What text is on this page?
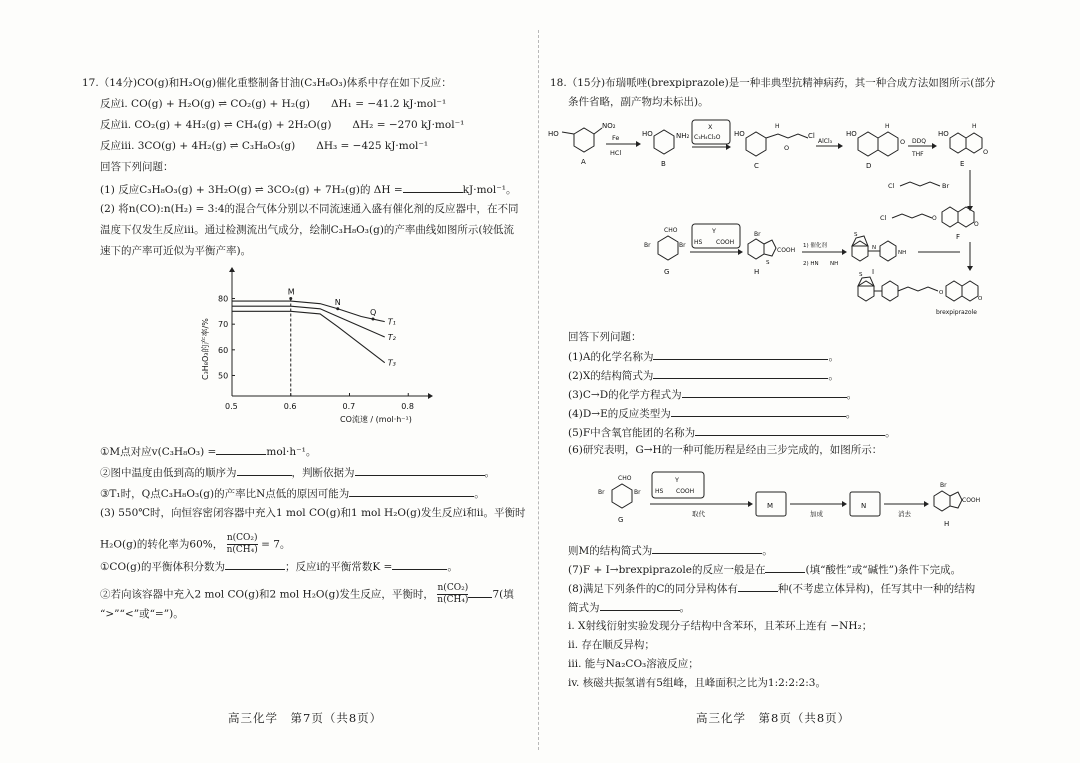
17.（14分)CO(g)和H₂O(g)催化重整制备甘油(C₃H₈O₃)体系中存在如下反应：
反应i. CO(g) + H₂O(g) ⇌ CO₂(g) + H₂(g)　　ΔH₁ = −41.2 kJ·mol⁻¹
反应ii. CO₂(g) + 4H₂(g) ⇌ CH₄(g) + 2H₂O(g)　　ΔH₂ = −270 kJ·mol⁻¹
反应iii. 3CO(g) + 4H₂(g) ⇌ C₃H₈O₃(g)　　ΔH₃ = −425 kJ·mol⁻¹
回答下列问题：
(1) 反应C₃H₈O₃(g) + 3H₂O(g) ⇌ 3CO₂(g) + 7H₂(g)的 ΔH =	kJ·mol⁻¹。
(2) 将n(CO):n(H₂) = 3:4的混合气体分别以不同流速通入盛有催化剂的反应器中，在不同
温度下仅发生反应iii。通过检测流出气成分，绘制C₃H₈O₃(g)的产率曲线如图所示(较低流
速下的产率可近似为平衡产率)。
0.5	0.6	0.7	0.8
50
60
70
80
T₁
T₂
T₃
M
N
Q
CO流速 / (mol·h⁻¹)
C₃H₈O₃的产率/%
①M点对应v(C₃H₈O₃) =	mol·h⁻¹。
②图中温度由低到高的顺序为	，判断依据为	。
③T₁时，Q点C₃H₈O₃(g)的产率比N点低的原因可能为	。
(3) 550℃时，向恒容密闭容器中充入1 mol CO(g)和1 mol H₂O(g)发生反应i和ii。平衡时
H₂O(g)的转化率为60%， $\frac{\text{n(CO₂)}}{\text{n(CH₄)}} = 7$。
①CO(g)的平衡体积分数为	；反应i的平衡常数K =	。
②若向该容器中充入2 mol CO(g)和2 mol H₂O(g)发生反应，平衡时， $\frac{\text{n(CO₂)}}{\text{n(CH₄)}} 7$(填
“>”“<”或“=”)。
高三化学　第7页（共8页）
18.（15分)布瑞哌唑(brexpiprazole)是一种非典型抗精神病药，其一种合成方法如图所示(部分
条件省略，副产物均未标出)。
HO
NO₂
A
Fe
HCl
HO	NH₂
B
X
C₃H₄Cl₂O HO
H
Cl
O
C
AlCl₃
HO
H
O
D
DDQ
THF
HO
H
O
E
Cl	Br
Cl	O
O
F
CHO
Br	Br
G
Y
HS COOH
Br
COOH
S
H
1) 催化剂
2) HN NH
S
N
NH
I
S
O
O
brexpiprazole
回答下列问题：
(1)A的化学名称为	。
(2)X的结构简式为	。
(3)C→D的化学方程式为	。
(4)D→E的反应类型为	。
(5)F中含氧官能团的名称为	。
(6)研究表明，G→H的一种可能历程是经由三步完成的，如图所示：
CHO
Br	Br
G
Y
HS COOH
取代
M
加成
N
消去
Br
COOH
H
则M的结构简式为	。
(7)F + I→brexpiprazole的反应一般是在	(填“酸性”或“碱性”)条件下完成。
(8)满足下列条件的C的同分异构体有	种(不考虑立体异构)，任写其中一种的结构
简式为	。
i. X射线衍射实验发现分子结构中含苯环，且苯环上连有 −NH₂；
ii. 存在顺反异构；
iii. 能与Na₂CO₃溶液反应；
iv. 核磁共振氢谱有5组峰，且峰面积之比为1:2:2:2:3。
高三化学　第8页（共8页）
